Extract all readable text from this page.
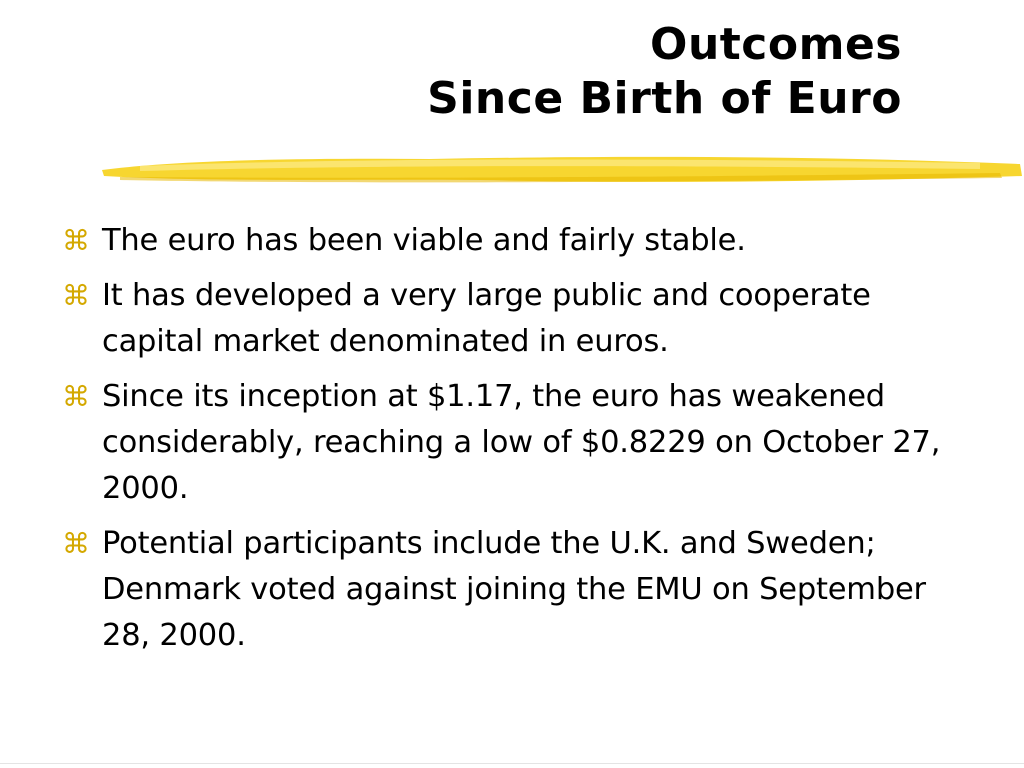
Outcomes
Since Birth of Euro
⌘ The euro has been viable and fairly stable.
⌘ It has developed a very large public and cooperate capital market denominated in euros.
⌘ Since its inception at $1.17, the euro has weakened considerably, reaching a low of $0.8229 on October 27, 2000.
⌘ Potential participants include the U.K. and Sweden; Denmark voted against joining the EMU on September 28, 2000.
